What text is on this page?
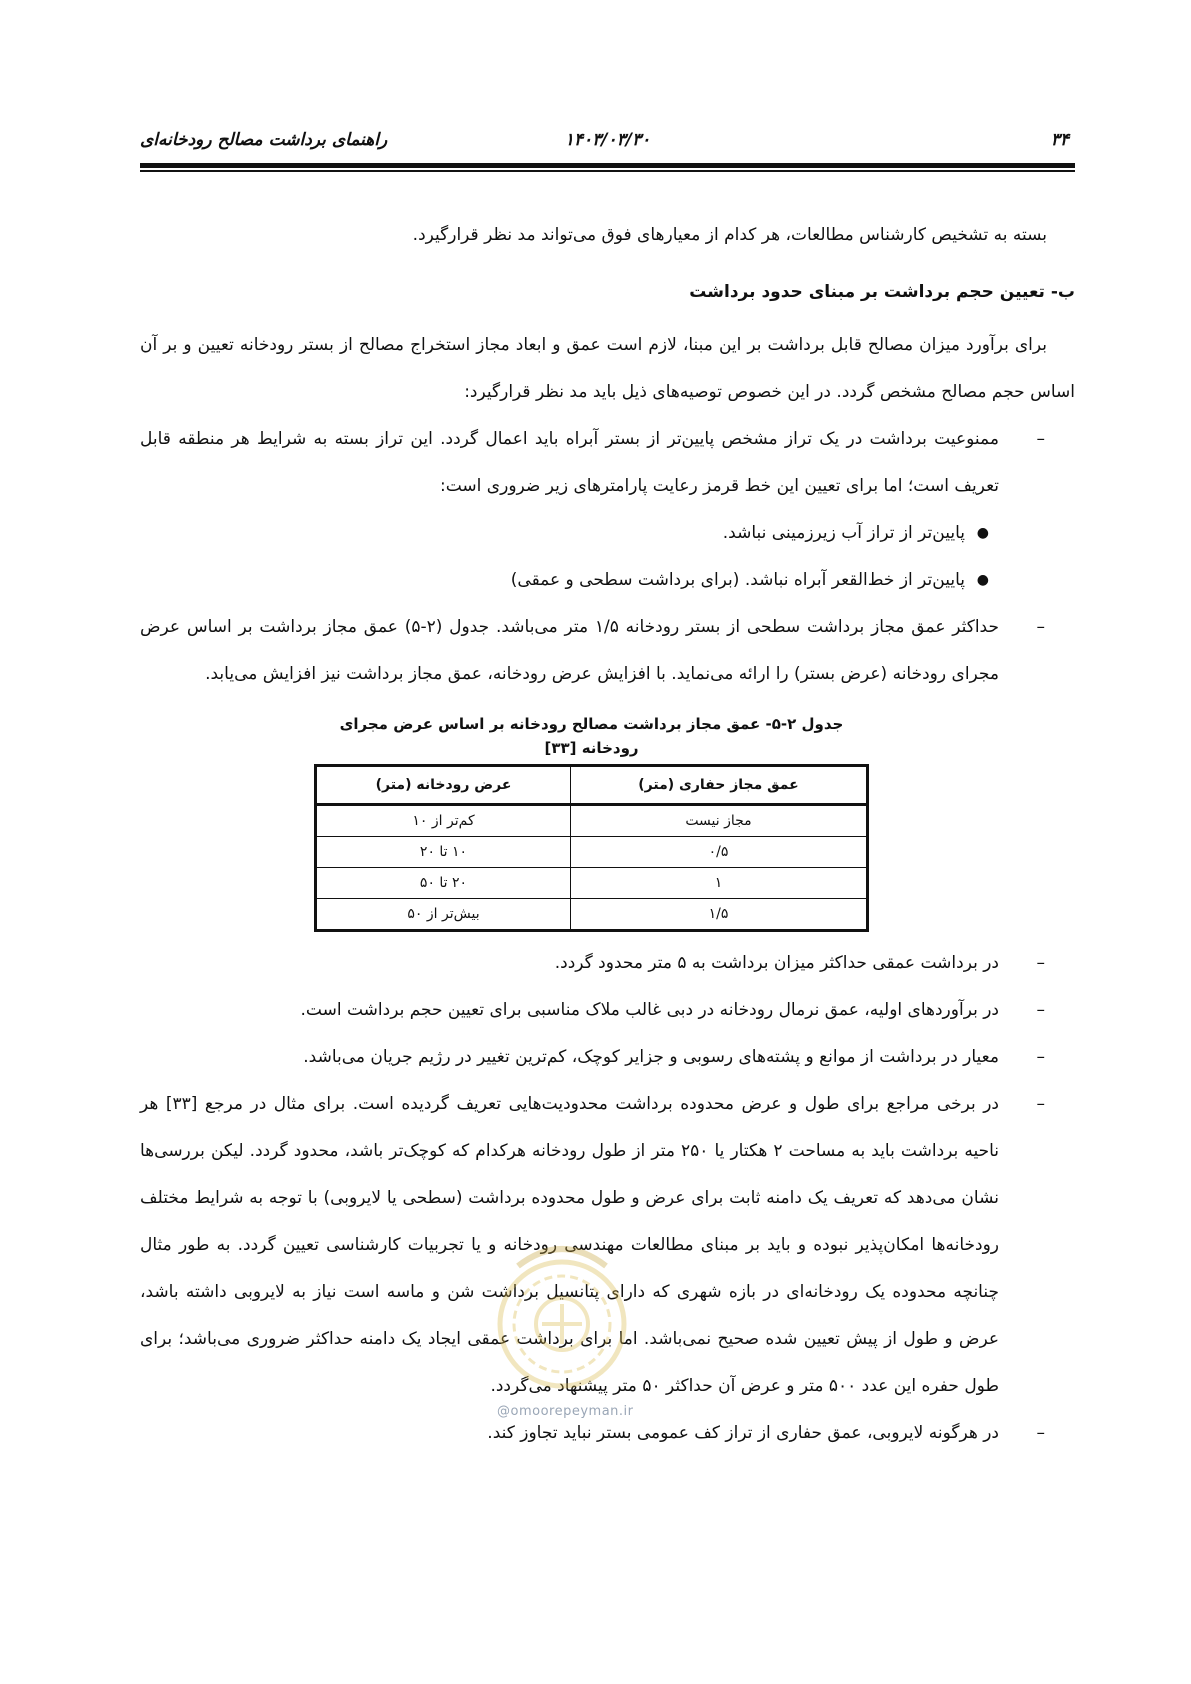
۳۴
۱۴۰۳/۰۳/۳۰
راهنمای برداشت مصالح رودخانه‌ای

بسته به تشخیص کارشناس مطالعات، هر کدام از معیارهای فوق می‌تواند مد نظر قرارگیرد.

ب- تعیین حجم برداشت بر مبنای حدود برداشت

برای برآورد میزان مصالح قابل برداشت بر این مبنا، لازم است عمق و ابعاد مجاز استخراج مصالح از بستر رودخانه تعیین و بر آن اساس حجم مصالح مشخص گردد. در این خصوص توصیه‌های ذیل باید مد نظر قرارگیرد:

–
ممنوعیت برداشت در یک تراز مشخص پایین‌تر از بستر آبراه باید اعمال گردد. این تراز بسته به شرایط هر منطقه قابل تعریف است؛ اما برای تعیین این خط قرمز رعایت پارامترهای زیر ضروری است:

●
پایین‌تر از تراز آب زیرزمینی نباشد.

●
پایین‌تر از خط‌القعر آبراه نباشد. (برای برداشت سطحی و عمقی)

–
حداکثر عمق مجاز برداشت سطحی از بستر رودخانه ۱/۵ متر می‌باشد. جدول (۲-۵) عمق مجاز برداشت بر اساس عرض مجرای رودخانه (عرض بستر) را ارائه می‌نماید. با افزایش عرض رودخانه، عمق مجاز برداشت نیز افزایش می‌یابد.

جدول ۲-۵- عمق مجاز برداشت مصالح رودخانه بر اساس عرض مجرای رودخانه [۳۳]
عمق مجاز حفاری (متر)	عرض رودخانه (متر)
مجاز نیست	کم‌تر از ۱۰
۰/۵	۱۰ تا ۲۰
۱	۲۰ تا ۵۰
۱/۵	بیش‌تر از ۵۰

–
در برداشت عمقی حداکثر میزان برداشت به ۵ متر محدود گردد.

–
در برآوردهای اولیه، عمق نرمال رودخانه در دبی غالب ملاک مناسبی برای تعیین حجم برداشت است.

–
معیار در برداشت از موانع و پشته‌های رسوبی و جزایر کوچک، کم‌ترین تغییر در رژیم جریان می‌باشد.

–
در برخی مراجع برای طول و عرض محدوده برداشت محدودیت‌هایی تعریف گردیده است. برای مثال در مرجع [۳۳] هر ناحیه برداشت باید به مساحت ۲ هکتار یا ۲۵۰ متر از طول رودخانه هرکدام که کوچک‌تر باشد، محدود گردد. لیکن بررسی‌ها نشان می‌دهد که تعریف یک دامنه ثابت برای عرض و طول محدوده برداشت (سطحی یا لایروبی) با توجه به شرایط مختلف رودخانه‌ها امکان‌پذیر نبوده و باید بر مبنای مطالعات مهندسی رودخانه و یا تجربیات کارشناسی تعیین گردد. به طور مثال چنانچه محدوده یک رودخانه‌ای در بازه شهری که دارای پتانسیل برداشت شن و ماسه است نیاز به لایروبی داشته باشد، عرض و طول از پیش تعیین شده صحیح نمی‌باشد. اما برای برداشت عمقی ایجاد یک دامنه حداکثر ضروری می‌باشد؛ برای طول حفره این عدد ۵۰۰ متر و عرض آن حداکثر ۵۰ متر پیشنهاد می‌گردد.

–
در هرگونه لایروبی، عمق حفاری از تراز کف عمومی بستر نباید تجاوز کند.

@omoorepeyman.ir
